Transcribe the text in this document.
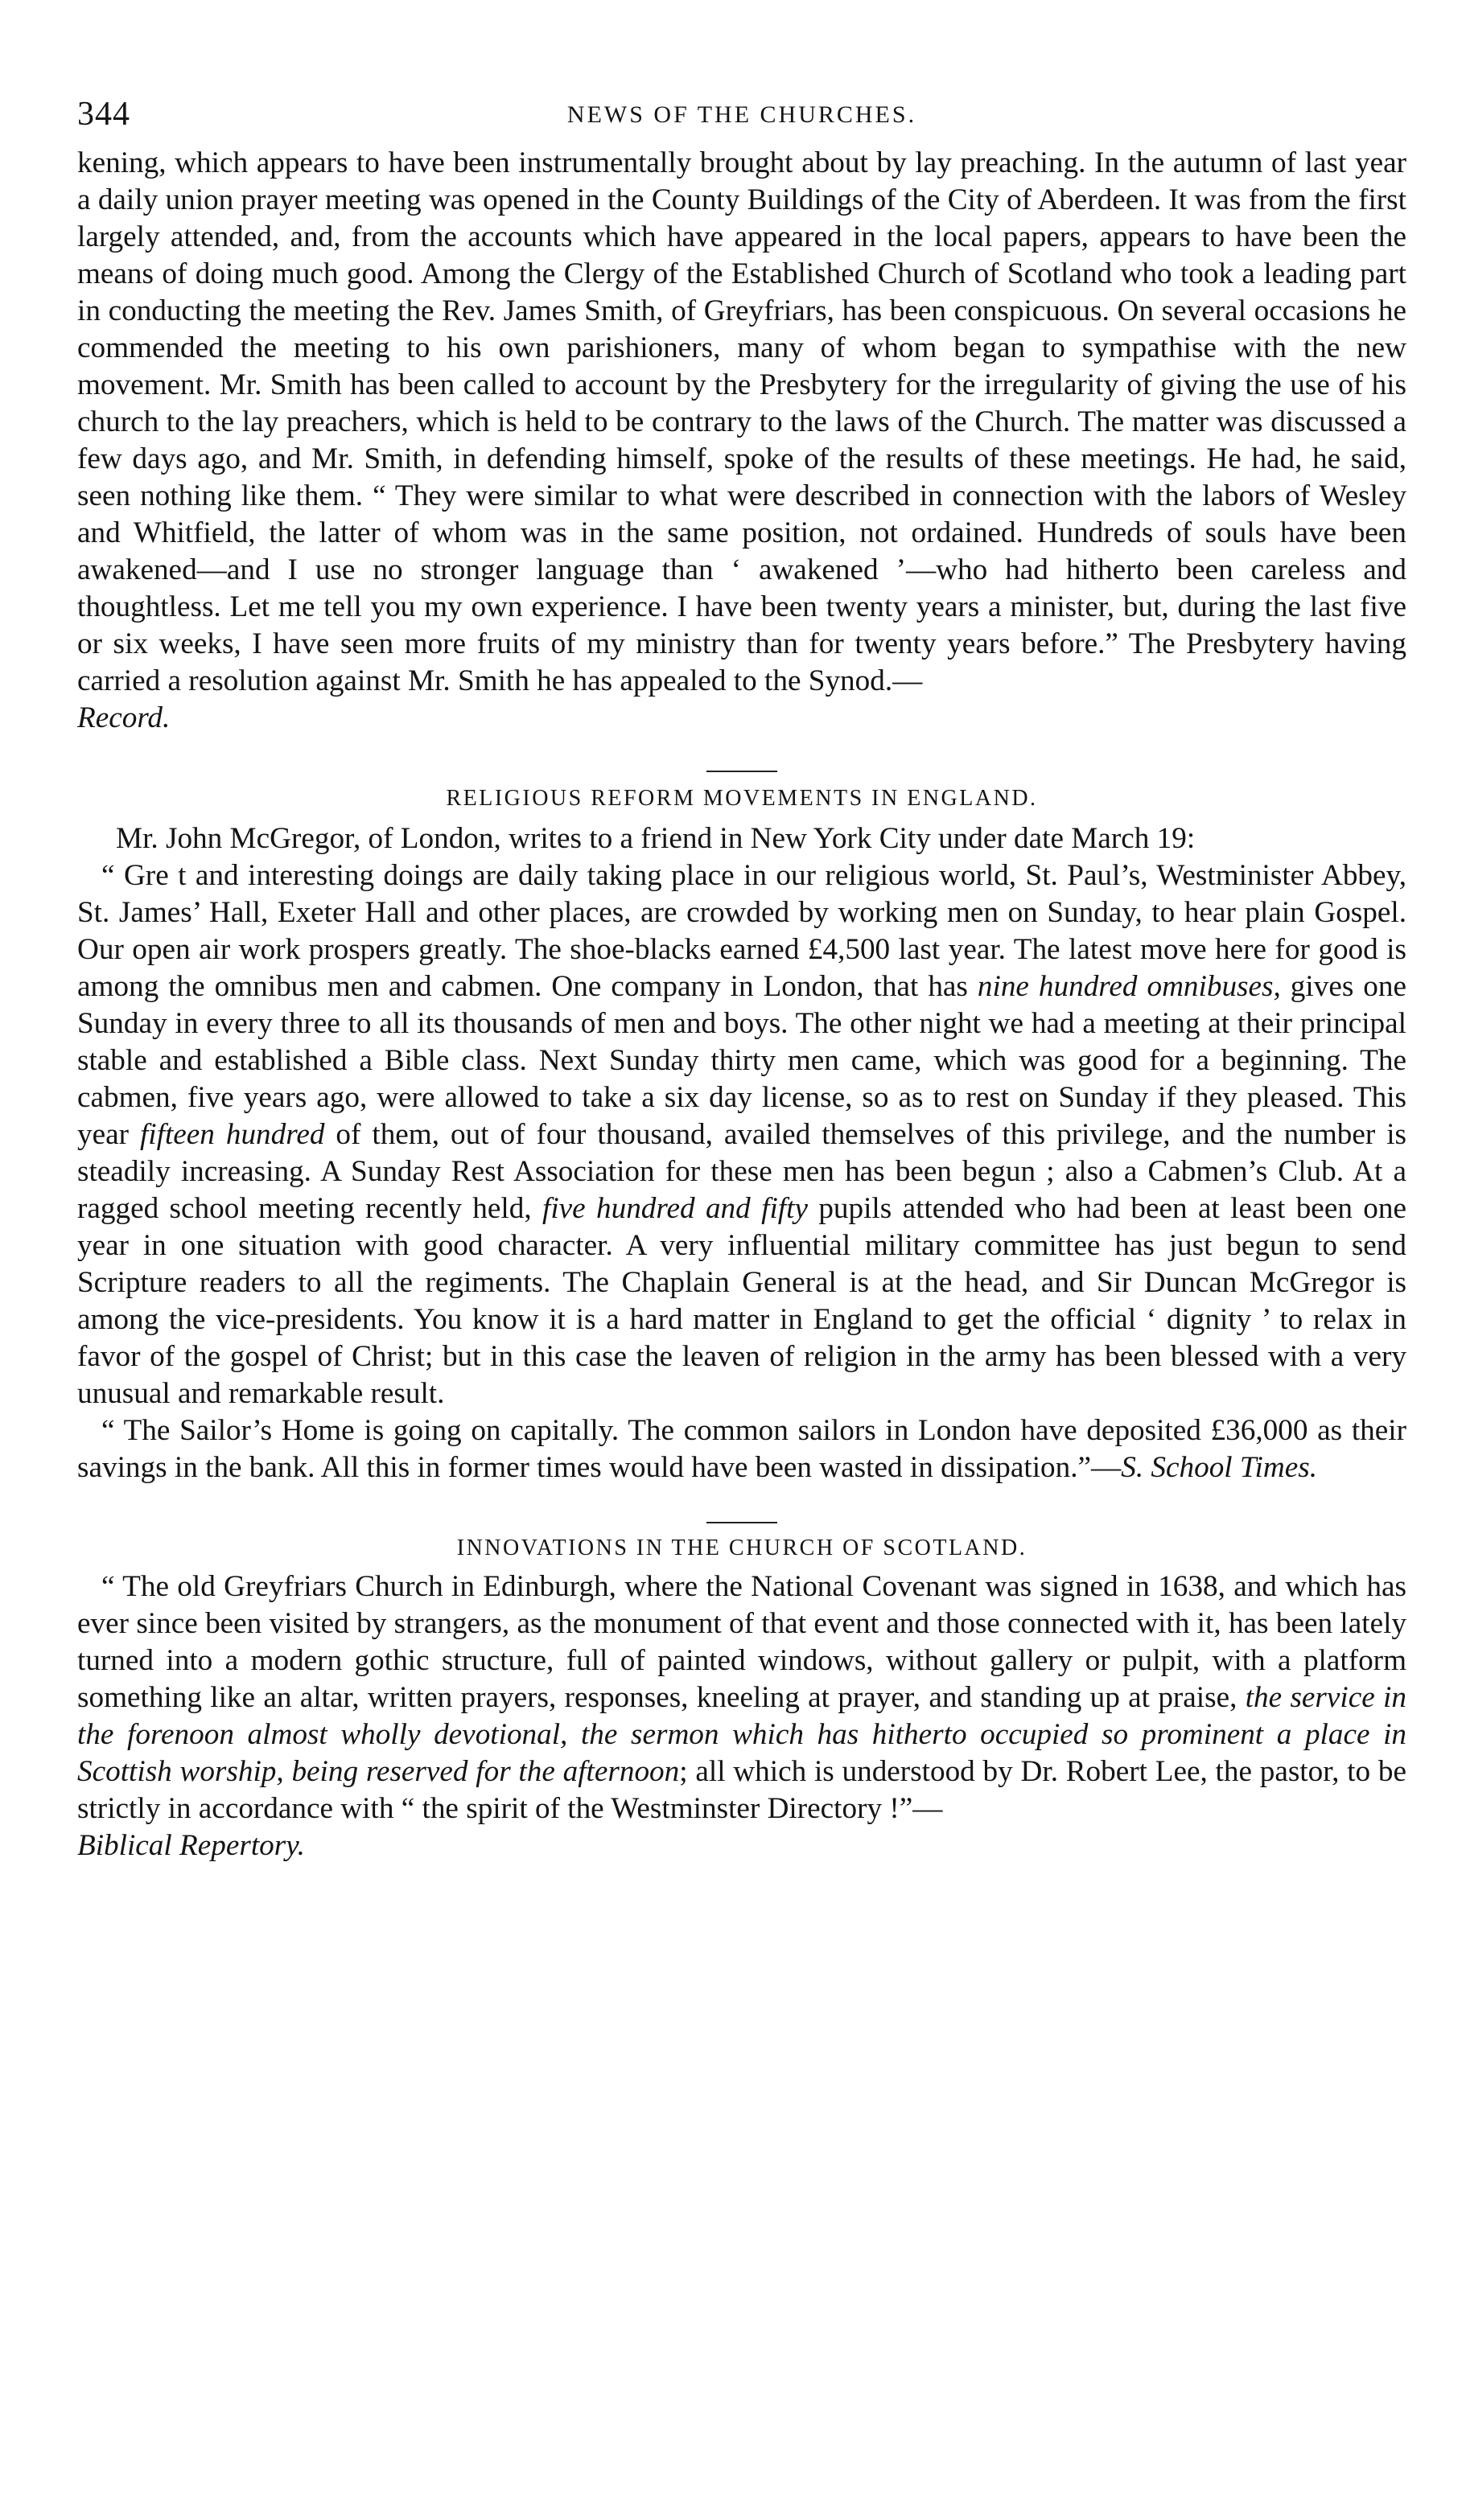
344	NEWS OF THE CHURCHES.

kening, which appears to have been instrumentally brought about by lay preaching. In the autumn of last year a daily union prayer meeting was opened in the County Buildings of the City of Aberdeen. It was from the first largely attended, and, from the accounts which have appeared in the local papers, appears to have been the means of doing much good. Among the Clergy of the Established Church of Scotland who took a leading part in conducting the meeting the Rev. James Smith, of Greyfriars, has been conspicuous. On several occasions he commended the meeting to his own parishioners, many of whom began to sympathise with the new movement. Mr. Smith has been called to account by the Presbytery for the irregularity of giving the use of his church to the lay preachers, which is held to be contrary to the laws of the Church. The matter was discussed a few days ago, and Mr. Smith, in defending himself, spoke of the results of these meetings. He had, he said, seen nothing like them. “ They were similar to what were described in connection with the labors of Wesley and Whitfield, the latter of whom was in the same position, not ordained. Hundreds of souls have been awakened—and I use no stronger language than ‘ awakened ’—who had hitherto been careless and thoughtless. Let me tell you my own experience. I have been twenty years a minister, but, during the last five or six weeks, I have seen more fruits of my ministry than for twenty years before.” The Presbytery having carried a resolution against Mr. Smith he has appealed to the Synod.—
Record.

RELIGIOUS REFORM MOVEMENTS IN ENGLAND.

Mr. John McGregor, of London, writes to a friend in New York City under date March 19:

“ Gre t and interesting doings are daily taking place in our religious world, St. Paul’s, Westminister Abbey, St. James’ Hall, Exeter Hall and other places, are crowded by working men on Sunday, to hear plain Gospel. Our open air work prospers greatly. The shoe-blacks earned £4,500 last year. The latest move here for good is among the omnibus men and cabmen. One company in London, that has nine hundred omnibuses, gives one Sunday in every three to all its thousands of men and boys. The other night we had a meeting at their principal stable and established a Bible class. Next Sunday thirty men came, which was good for a beginning. The cabmen, five years ago, were allowed to take a six day license, so as to rest on Sunday if they pleased. This year fifteen hundred of them, out of four thousand, availed themselves of this privilege, and the number is steadily increasing. A Sunday Rest Association for these men has been begun ; also a Cabmen’s Club. At a ragged school meeting recently held, five hundred and fifty pupils attended who had been at least been one year in one situation with good character. A very influential military committee has just begun to send Scripture readers to all the regiments. The Chaplain General is at the head, and Sir Duncan McGregor is among the vice-presidents. You know it is a hard matter in England to get the official ‘ dignity ’ to relax in favor of the gospel of Christ; but in this case the leaven of religion in the army has been blessed with a very unusual and remarkable result.

“ The Sailor’s Home is going on capitally. The common sailors in London have deposited £36,000 as their savings in the bank. All this in former times would have been wasted in dissipation.”—S. School Times.

INNOVATIONS IN THE CHURCH OF SCOTLAND.

“ The old Greyfriars Church in Edinburgh, where the National Covenant was signed in 1638, and which has ever since been visited by strangers, as the monument of that event and those connected with it, has been lately turned into a modern gothic structure, full of painted windows, without gallery or pulpit, with a platform something like an altar, written prayers, responses, kneeling at prayer, and standing up at praise, the service in the forenoon almost wholly devotional, the sermon which has hitherto occupied so prominent a place in Scottish worship, being reserved for the afternoon; all which is understood by Dr. Robert Lee, the pastor, to be strictly in accordance with “ the spirit of the Westminster Directory !”—
Biblical Repertory.
